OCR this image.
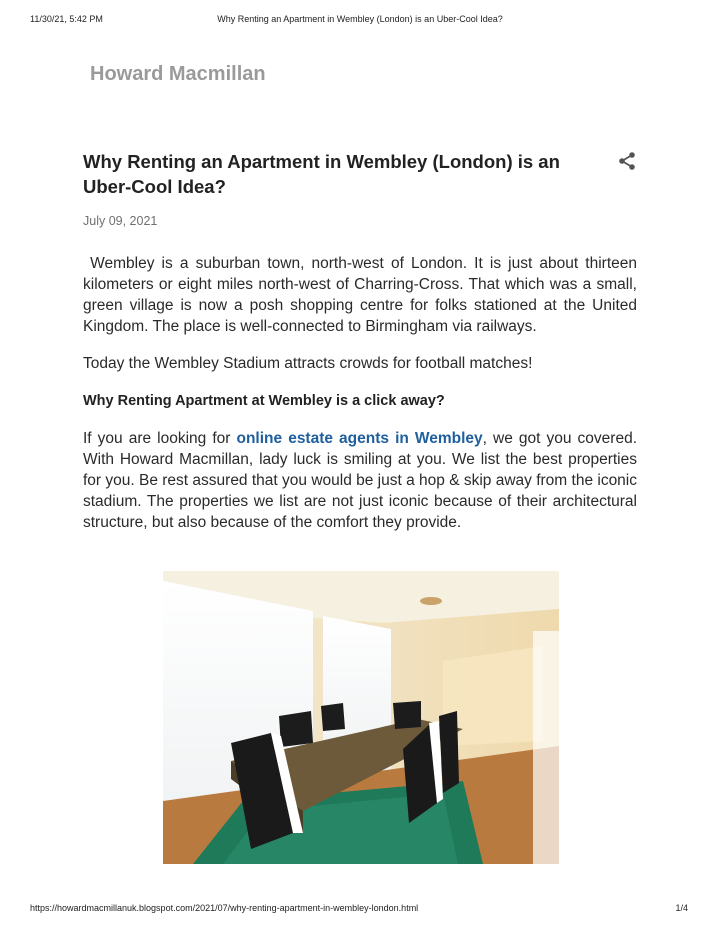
11/30/21, 5:42 PM	Why Renting an Apartment in Wembley (London) is an Uber-Cool Idea?
Howard Macmillan
Why Renting an Apartment in Wembley (London) is an Uber-Cool Idea?
July 09, 2021

Wembley is a suburban town, north-west of London. It is just about thirteen kilometers or eight miles north-west of Charring-Cross. That which was a small, green village is now a posh shopping centre for folks stationed at the United Kingdom. The place is well-connected to Birmingham via railways.

Today the Wembley Stadium attracts crowds for football matches!

Why Renting Apartment at Wembley is a click away?

If you are looking for online estate agents in Wembley, we got you covered. With Howard Macmillan, lady luck is smiling at you. We list the best properties for you. Be rest assured that you would be just a hop & skip away from the iconic stadium. The properties we list are not just iconic because of their architectural structure, but also because of the comfort they provide.

https://howardmacmillanuk.blogspot.com/2021/07/why-renting-apartment-in-wembley-london.html	1/4
